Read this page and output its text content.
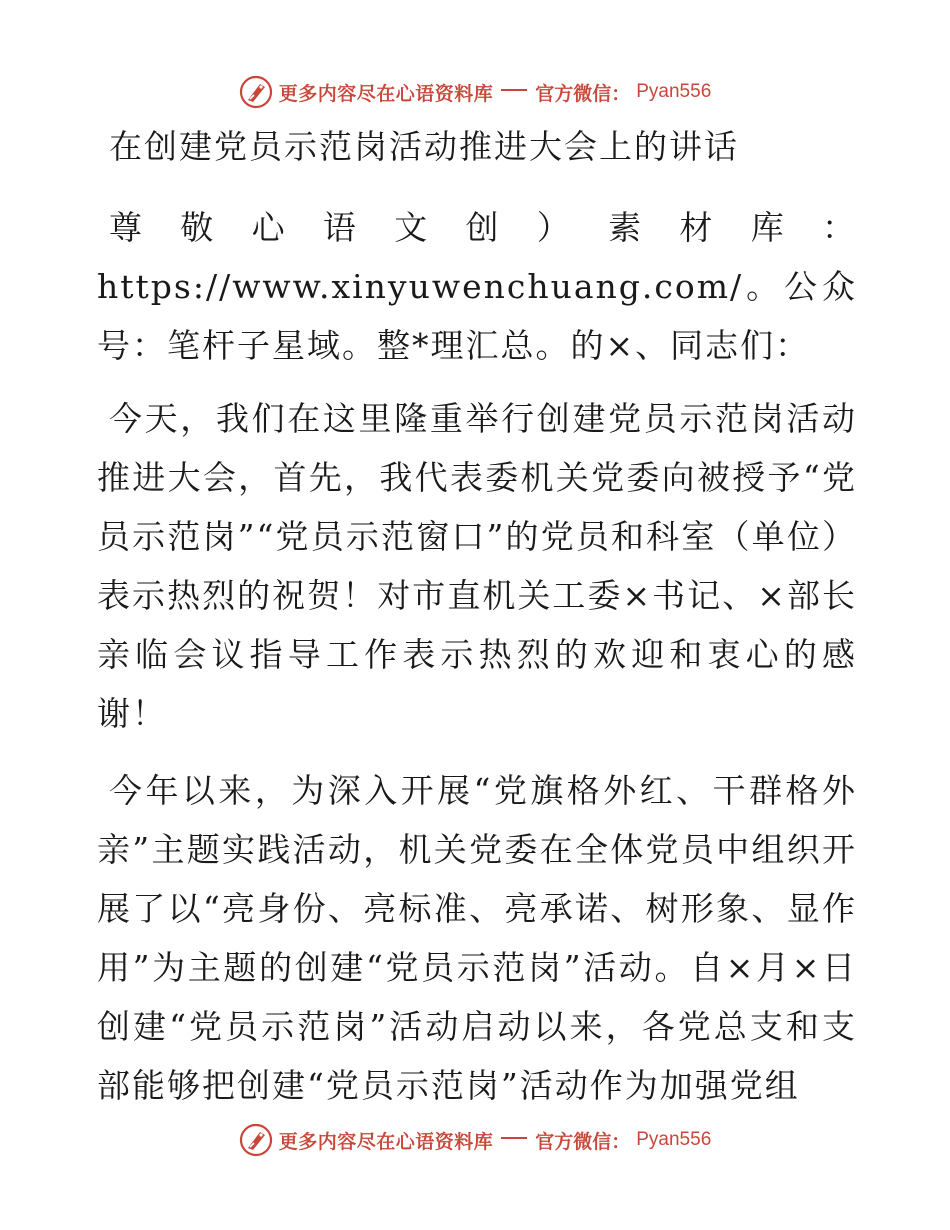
更多内容尽在心语资料库 官方微信： Pyan556
在创建党员示范岗活动推进大会上的讲话

尊敬心语文创）素材库：https://www.xinyuwenchuang.com/。公众号：笔杆子星域。整*理汇总。的×、同志们：

今天，我们在这里隆重举行创建党员示范岗活动推进大会，首先，我代表委机关党委向被授予“党员示范岗”“党员示范窗口”的党员和科室（单位）表示热烈的祝贺！对市直机关工委×书记、×部长亲临会议指导工作表示热烈的欢迎和衷心的感谢！

今年以来，为深入开展“党旗格外红、干群格外亲”主题实践活动，机关党委在全体党员中组织开展了以“亮身份、亮标准、亮承诺、树形象、显作用”为主题的创建“党员示范岗”活动。自×月×日创建“党员示范岗”活动启动以来，各党总支和支部能够把创建“党员示范岗”活动作为加强党组

更多内容尽在心语资料库 官方微信： Pyan556
